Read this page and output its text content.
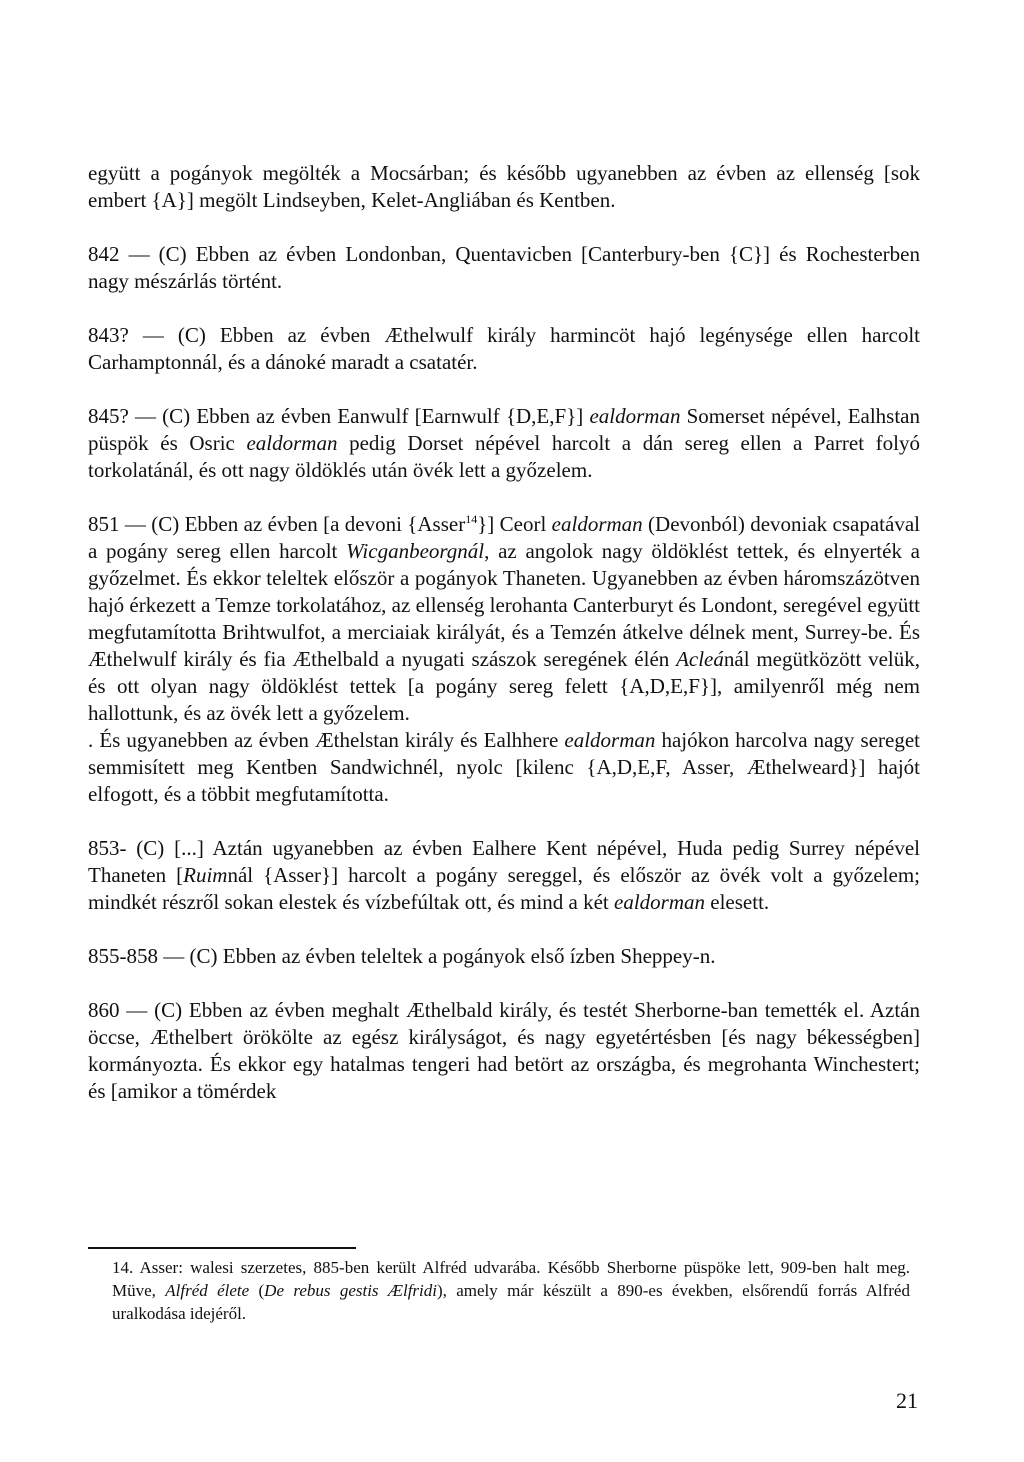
együtt a pogányok megölték a Mocsárban; és később ugyanebben az évben az ellenség [sok embert {A}] megölt Lindseyben, Kelet-Angliában és Kentben.

842 — (C) Ebben az évben Londonban, Quentavicben [Canterbury-ben {C}] és Rochesterben nagy mészárlás történt.

843? — (C) Ebben az évben Æthelwulf király harmincöt hajó legénysége ellen harcolt Carhamptonnál, és a dánoké maradt a csatatér.

845? — (C) Ebben az évben Eanwulf [Earnwulf {D,E,F}] ealdorman Somerset népével, Ealhstan püspök és Osric ealdorman pedig Dorset népével harcolt a dán sereg ellen a Parret folyó torkolatánál, és ott nagy öldöklés után övék lett a győzelem.

851 — (C) Ebben az évben [a devoni {Asser$^{14}$}] Ceorl ealdorman (Devonból) devoniak csapatával a pogány sereg ellen harcolt Wicganbeorgnál, az angolok nagy öldöklést tettek, és elnyerték a győzelmet. És ekkor teleltek először a pogányok Thaneten. Ugyanebben az évben háromszázötven hajó érkezett a Temze torkolatához, az ellenség lerohanta Canterburyt és Londont, seregével együtt megfutamította Brihtwulfot, a merciaiak királyát, és a Temzén átkelve délnek ment, Surrey-be. És Æthelwulf király és fia Æthelbald a nyugati szászok seregének élén Acleánál megütközött velük, és ott olyan nagy öldöklést tettek [a pogány sereg felett {A,D,E,F}], amilyenről még nem hallottunk, és az övék lett a győzelem.

. És ugyanebben az évben Æthelstan király és Ealhhere ealdorman hajókon harcolva nagy sereget semmisített meg Kentben Sandwichnél, nyolc [kilenc {A,D,E,F, Asser, Æthelweard}] hajót elfogott, és a többit megfutamította.

853- (C) [...] Aztán ugyanebben az évben Ealhere Kent népével, Huda pedig Surrey népével Thaneten [Ruimnál {Asser}] harcolt a pogány sereggel, és először az övék volt a győzelem; mindkét részről sokan elestek és vízbefúltak ott, és mind a két ealdorman elesett.

855-858 — (C) Ebben az évben teleltek a pogányok első ízben Sheppey-n.

860 — (C) Ebben az évben meghalt Æthelbald király, és testét Sherborne-ban temették el. Aztán öccse, Æthelbert örökölte az egész királyságot, és nagy egyetértésben [és nagy békességben] kormányozta. És ekkor egy hatalmas tengeri had betört az országba, és megrohanta Winchestert; és [amikor a tömérdek

14. Asser: walesi szerzetes, 885-ben került Alfréd udvarába. Később Sherborne püspöke lett, 909-ben halt meg. Müve, Alfréd élete (De rebus gestis Ælfridi), amely már készült a 890-es években, elsőrendű forrás Alfréd uralkodása idejéről.
21
